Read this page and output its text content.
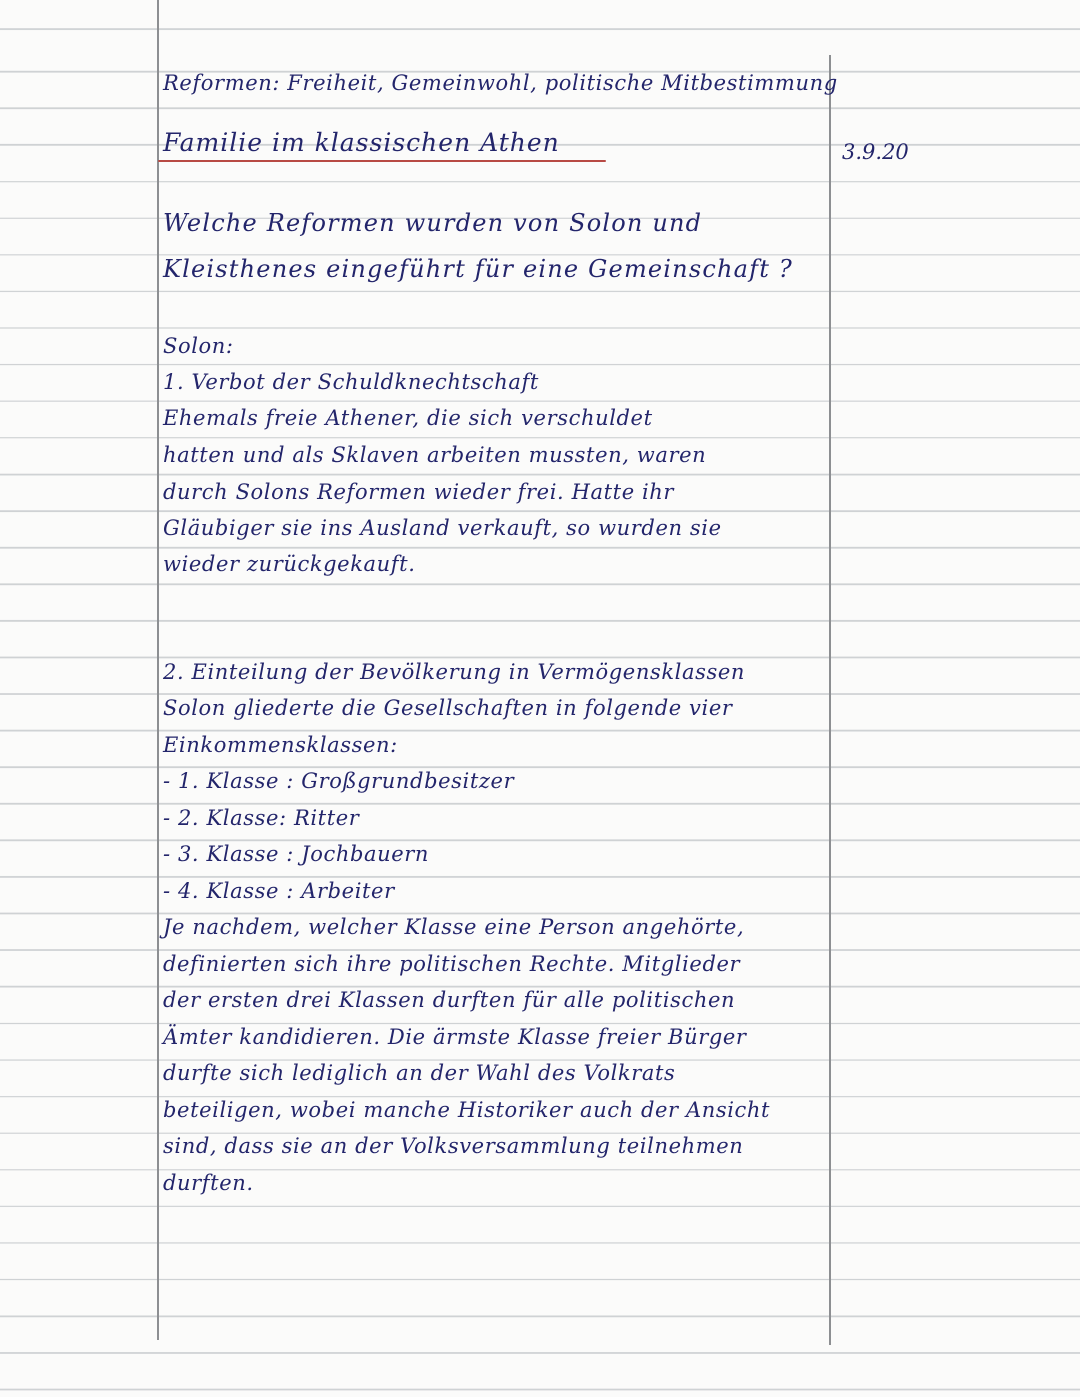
Reformen: Freiheit, Gemeinwohl, politische Mitbestimmung
Familie im klassischen Athen	3.9.20
Welche Reformen wurden von Solon und
Kleisthenes eingeführt für eine Gemeinschaft ?
Solon:
1. Verbot der Schuldknechtschaft
Ehemals freie Athener, die sich verschuldet
hatten und als Sklaven arbeiten mussten, waren
durch Solons Reformen wieder frei. Hatte ihr
Gläubiger sie ins Ausland verkauft, so wurden sie
wieder zurückgekauft.
2. Einteilung der Bevölkerung in Vermögensklassen
Solon gliederte die Gesellschaften in folgende vier
Einkommensklassen:
- 1. Klasse : Großgrundbesitzer
- 2. Klasse: Ritter
- 3. Klasse : Jochbauern
- 4. Klasse : Arbeiter
Je nachdem, welcher Klasse eine Person angehörte,
definierten sich ihre politischen Rechte. Mitglieder
der ersten drei Klassen durften für alle politischen
Ämter kandidieren. Die ärmste Klasse freier Bürger
durfte sich lediglich an der Wahl des Volkrats
beteiligen, wobei manche Historiker auch der Ansicht
sind, dass sie an der Volksversammlung teilnehmen
durften.
